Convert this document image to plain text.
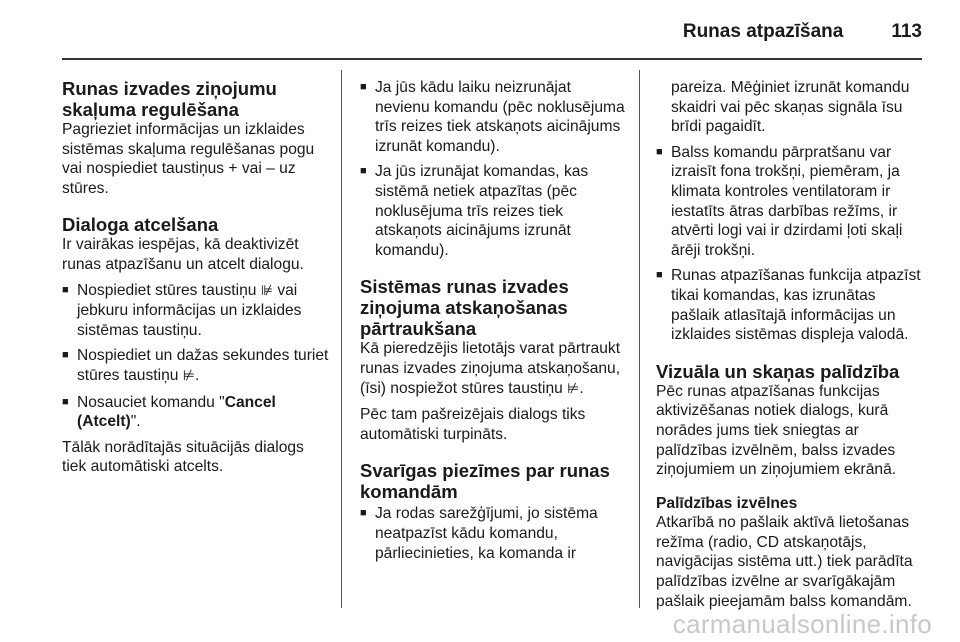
Runas atpazīšana	113
Runas izvades ziņojumu skaļuma regulēšana

Pagrieziet informācijas un izklaides sistēmas skaļuma regulēšanas pogu vai nospiediet taustiņus + vai – uz stūres.

Dialoga atcelšana

Ir vairākas iespējas, kā deaktivizēt runas atpazīšanu un atcelt dialogu.

■ Nospiediet stūres taustiņu ⊯ vai jebkuru informācijas un izklaides sistēmas taustiņu.
■ Nospiediet un dažas sekundes turiet stūres taustiņu ⊭.
■ Nosauciet komandu "Cancel (Atcelt)".

Tālāk norādītajās situācijās dialogs tiek automātiski atcelts.

■ Ja jūs kādu laiku neizrunājat nevienu komandu (pēc noklusējuma trīs reizes tiek atskaņots aicinājums izrunāt komandu).
■ Ja jūs izrunājat komandas, kas sistēmā netiek atpazītas (pēc noklusējuma trīs reizes tiek atskaņots aicinājums izrunāt komandu).
Sistēmas runas izvades ziņojuma atskaņošanas pārtraukšana

Kā pieredzējis lietotājs varat pārtraukt runas izvades ziņojuma atskaņošanu, (īsi) nospiežot stūres taustiņu ⊭.

Pēc tam pašreizējais dialogs tiks automātiski turpināts.

Svarīgas piezīmes par runas komandām
■ Ja rodas sarežģījumi, jo sistēma neatpazīst kādu komandu, pārliecinieties, ka komanda ir
pareiza. Mēģiniet izrunāt komandu skaidri vai pēc skaņas signāla īsu brīdi pagaidīt.
■ Balss komandu pārpratšanu var izraisīt fona trokšņi, piemēram, ja klimata kontroles ventilatoram ir iestatīts ātras darbības režīms, ir atvērti logi vai ir dzirdami ļoti skaļi ārēji trokšņi.
■ Runas atpazīšanas funkcija atpazīst tikai komandas, kas izrunātas pašlaik atlasītajā informācijas un izklaides sistēmas displeja valodā.
Vizuāla un skaņas palīdzība

Pēc runas atpazīšanas funkcijas aktivizēšanas notiek dialogs, kurā norādes jums tiek sniegtas ar palīdzības izvēlnēm, balss izvades ziņojumiem un ziņojumiem ekrānā.

Palīdzības izvēlnes

Atkarībā no pašlaik aktīvā lietošanas režīma (radio, CD atskaņotājs, navigācijas sistēma utt.) tiek parādīta palīdzības izvēlne ar svarīgākajām pašlaik pieejamām balss komandām.

carmanualsonline.info
